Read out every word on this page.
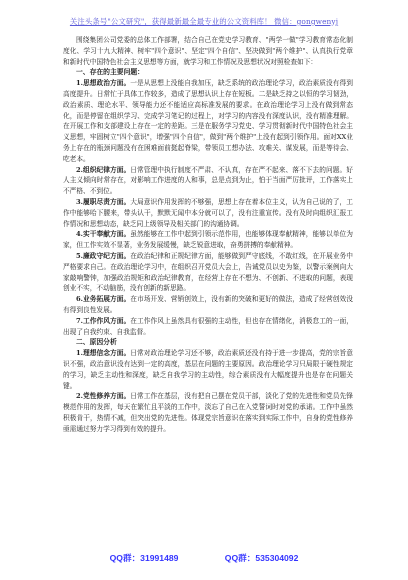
关注头条号"公文研究"，获得最新最全最专业的公文资料库！ 微信：gongwenyj

围绕集团公司党委的总体工作部署，结合自己在党史学习教育、"两学一做"学习教育常态化制度化、学习十九大精神、树牢"四个意识"、坚定"四个自信"、坚决做到"两个维护"、认真执行党章和新时代中国特色社会主义思想等方面，就学习和工作情况及思想状况对照检查如下：

一、存在的主要问题：

1.思想政治方面。一是从思想上没能自我加压，缺乏系统的政治理论学习，政治素质没有得到高度提升。日常忙于具体工作较多，造成了思想认识上存在短板。二是缺乏持之以恒的学习韧劲，政治素质、理论水平、领导能力还不能适应高标准发展的要求。在政治理论学习上没有做到常态化，而是停留在组织学习、完成学习笔记的过程上，对学习的内容没有深度认识，没有精准理解。在开展工作和支部建设上存在一定的差距。三是在服务学习党史、学习贯彻新时代中国特色社会主义思想，牢固树立"四个意识"，增强"四个自信"，做到"两个维护"上没有起到引领作用。面对XX业务上存在的瓶颈问题没有在困难面前挺起脊梁，带领员工想办法、攻难关、谋发展，而是等待会、吃老本。

2.组织纪律方面。日常管理中执行制度不严肃、不认真，存在严不起来、落不下去的问题。好人主义倾向时常存在，对影响工作进度的人和事，总是点到为止，怕于当面严厉批评，工作落实上不严格、不到位。

3.履职尽责方面。大局意识作用发挥的不够强，思想上存在着本位主义，认为自己说的了，工作中能够哈下腰来，带头认干，默默无闻中本分就可以了，没有注重宣传。没有及时向组织汇报工作情况和思想动态，缺乏同上级领导及相关部门的沟通协调。

4.实干奉献方面。虽然能够在工作中起到引领示范作用，也能够体现奉献精神，能够以单位为家，但工作实效不显著，业务发展缓慢，缺乏锐意进取，奋勇拼搏的奉献精神。

5.廉政守纪方面。在政治纪律和正规纪律方面，能够做到严守底线，不敢红线，在开展业务中严格要求自己。在政治理论学习中，在组织召开党员大会上，告诫党员以史为鉴，以警示案例向大家敲响警钟，加强政治规矩和政治纪律教育，在经营上存在不想为、不创新、不进取的问题，表现创业不实，不动脑筋，没有创新的新思路。

6.业务拓展方面。在市场开发、营销创效上，没有新的突破和更好的做法，造成了经营创效没有得到良性发展。

7.工作作风方面。在工作作风上虽然具有很强的主动性，但也存在情绪化，消极怠工的一面，出现了自我约束、自我监督。

二、原因分析

1.理想信念方面。日常对政治理论学习还不够，政治素质还没有持于进一步提高，党的宗旨意识不强，政治意识没有达到一定的高度，基层在问题的主要原因。政治理论学习只局限于硬性规定的学习，缺乏主动性和深度，缺乏自我学习的主动性，综合素质没有大幅度提升也是存在问题关键。

2.党性修养方面。日常工作在基层，没有把自己摆在党员干部，淡化了党的先进性和党员先锋模范作用的发挥，每天在繁忙且平淡的工作中，淡忘了自己在入党誓词时对党的承诺。工作中虽然积极肯干，热情不减，但突出党的先进性。体现党宗旨意识在落实到实际工作中，自身的党性修养亟需通过努力学习得到有效的提升。

QQ群：31991489	QQ群：535304092
